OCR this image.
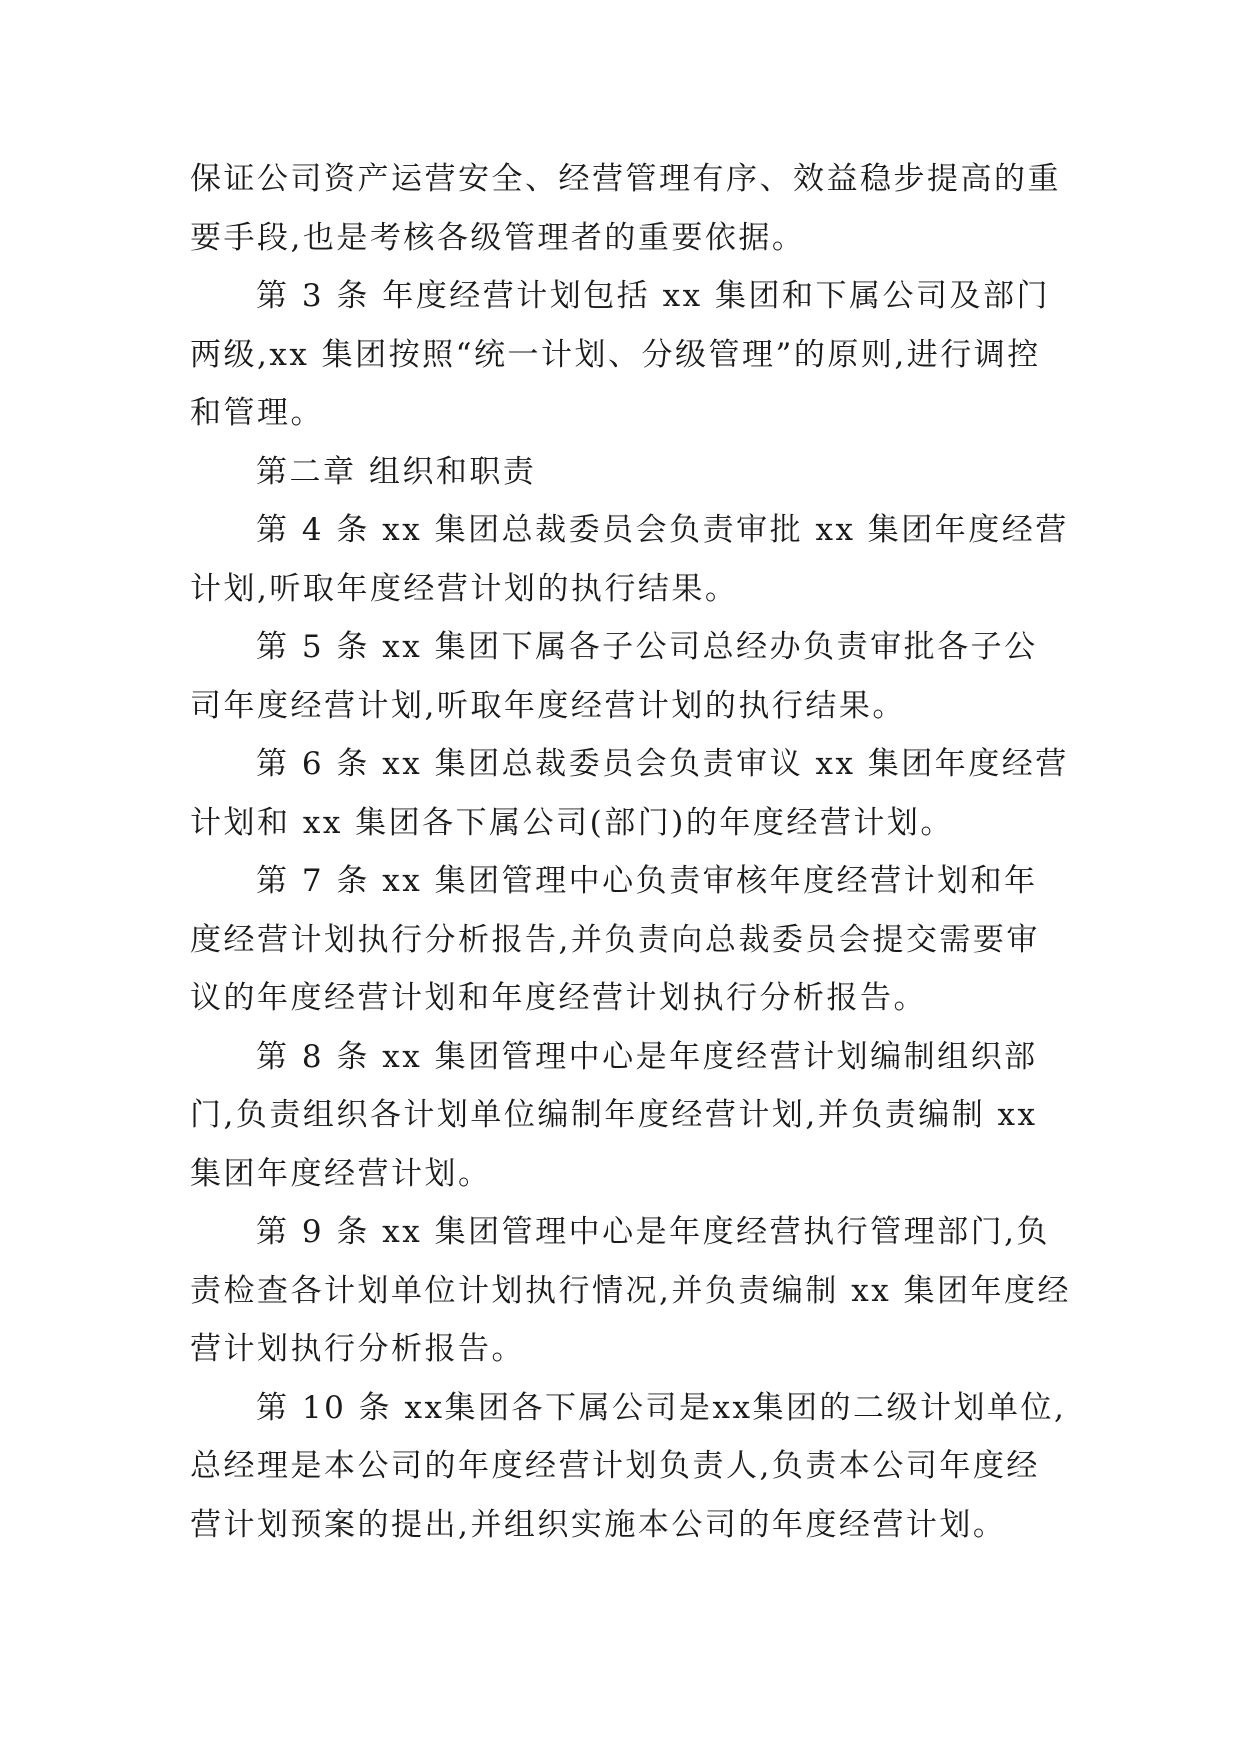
保证公司资产运营安全、经营管理有序、效益稳步提高的重
要手段,也是考核各级管理者的重要依据。
第 3 条 年度经营计划包括 xx 集团和下属公司及部门
两级,xx 集团按照“统一计划、分级管理”的原则,进行调控
和管理。
第二章 组织和职责
第 4 条 xx 集团总裁委员会负责审批 xx 集团年度经营
计划,听取年度经营计划的执行结果。
第 5 条 xx 集团下属各子公司总经办负责审批各子公
司年度经营计划,听取年度经营计划的执行结果。
第 6 条 xx 集团总裁委员会负责审议 xx 集团年度经营
计划和 xx 集团各下属公司(部门)的年度经营计划。
第 7 条 xx 集团管理中心负责审核年度经营计划和年
度经营计划执行分析报告,并负责向总裁委员会提交需要审
议的年度经营计划和年度经营计划执行分析报告。
第 8 条 xx 集团管理中心是年度经营计划编制组织部
门,负责组织各计划单位编制年度经营计划,并负责编制 xx
集团年度经营计划。
第 9 条 xx 集团管理中心是年度经营执行管理部门,负
责检查各计划单位计划执行情况,并负责编制 xx 集团年度经
营计划执行分析报告。
第 10 条 xx集团各下属公司是xx集团的二级计划单位,
总经理是本公司的年度经营计划负责人,负责本公司年度经
营计划预案的提出,并组织实施本公司的年度经营计划。
